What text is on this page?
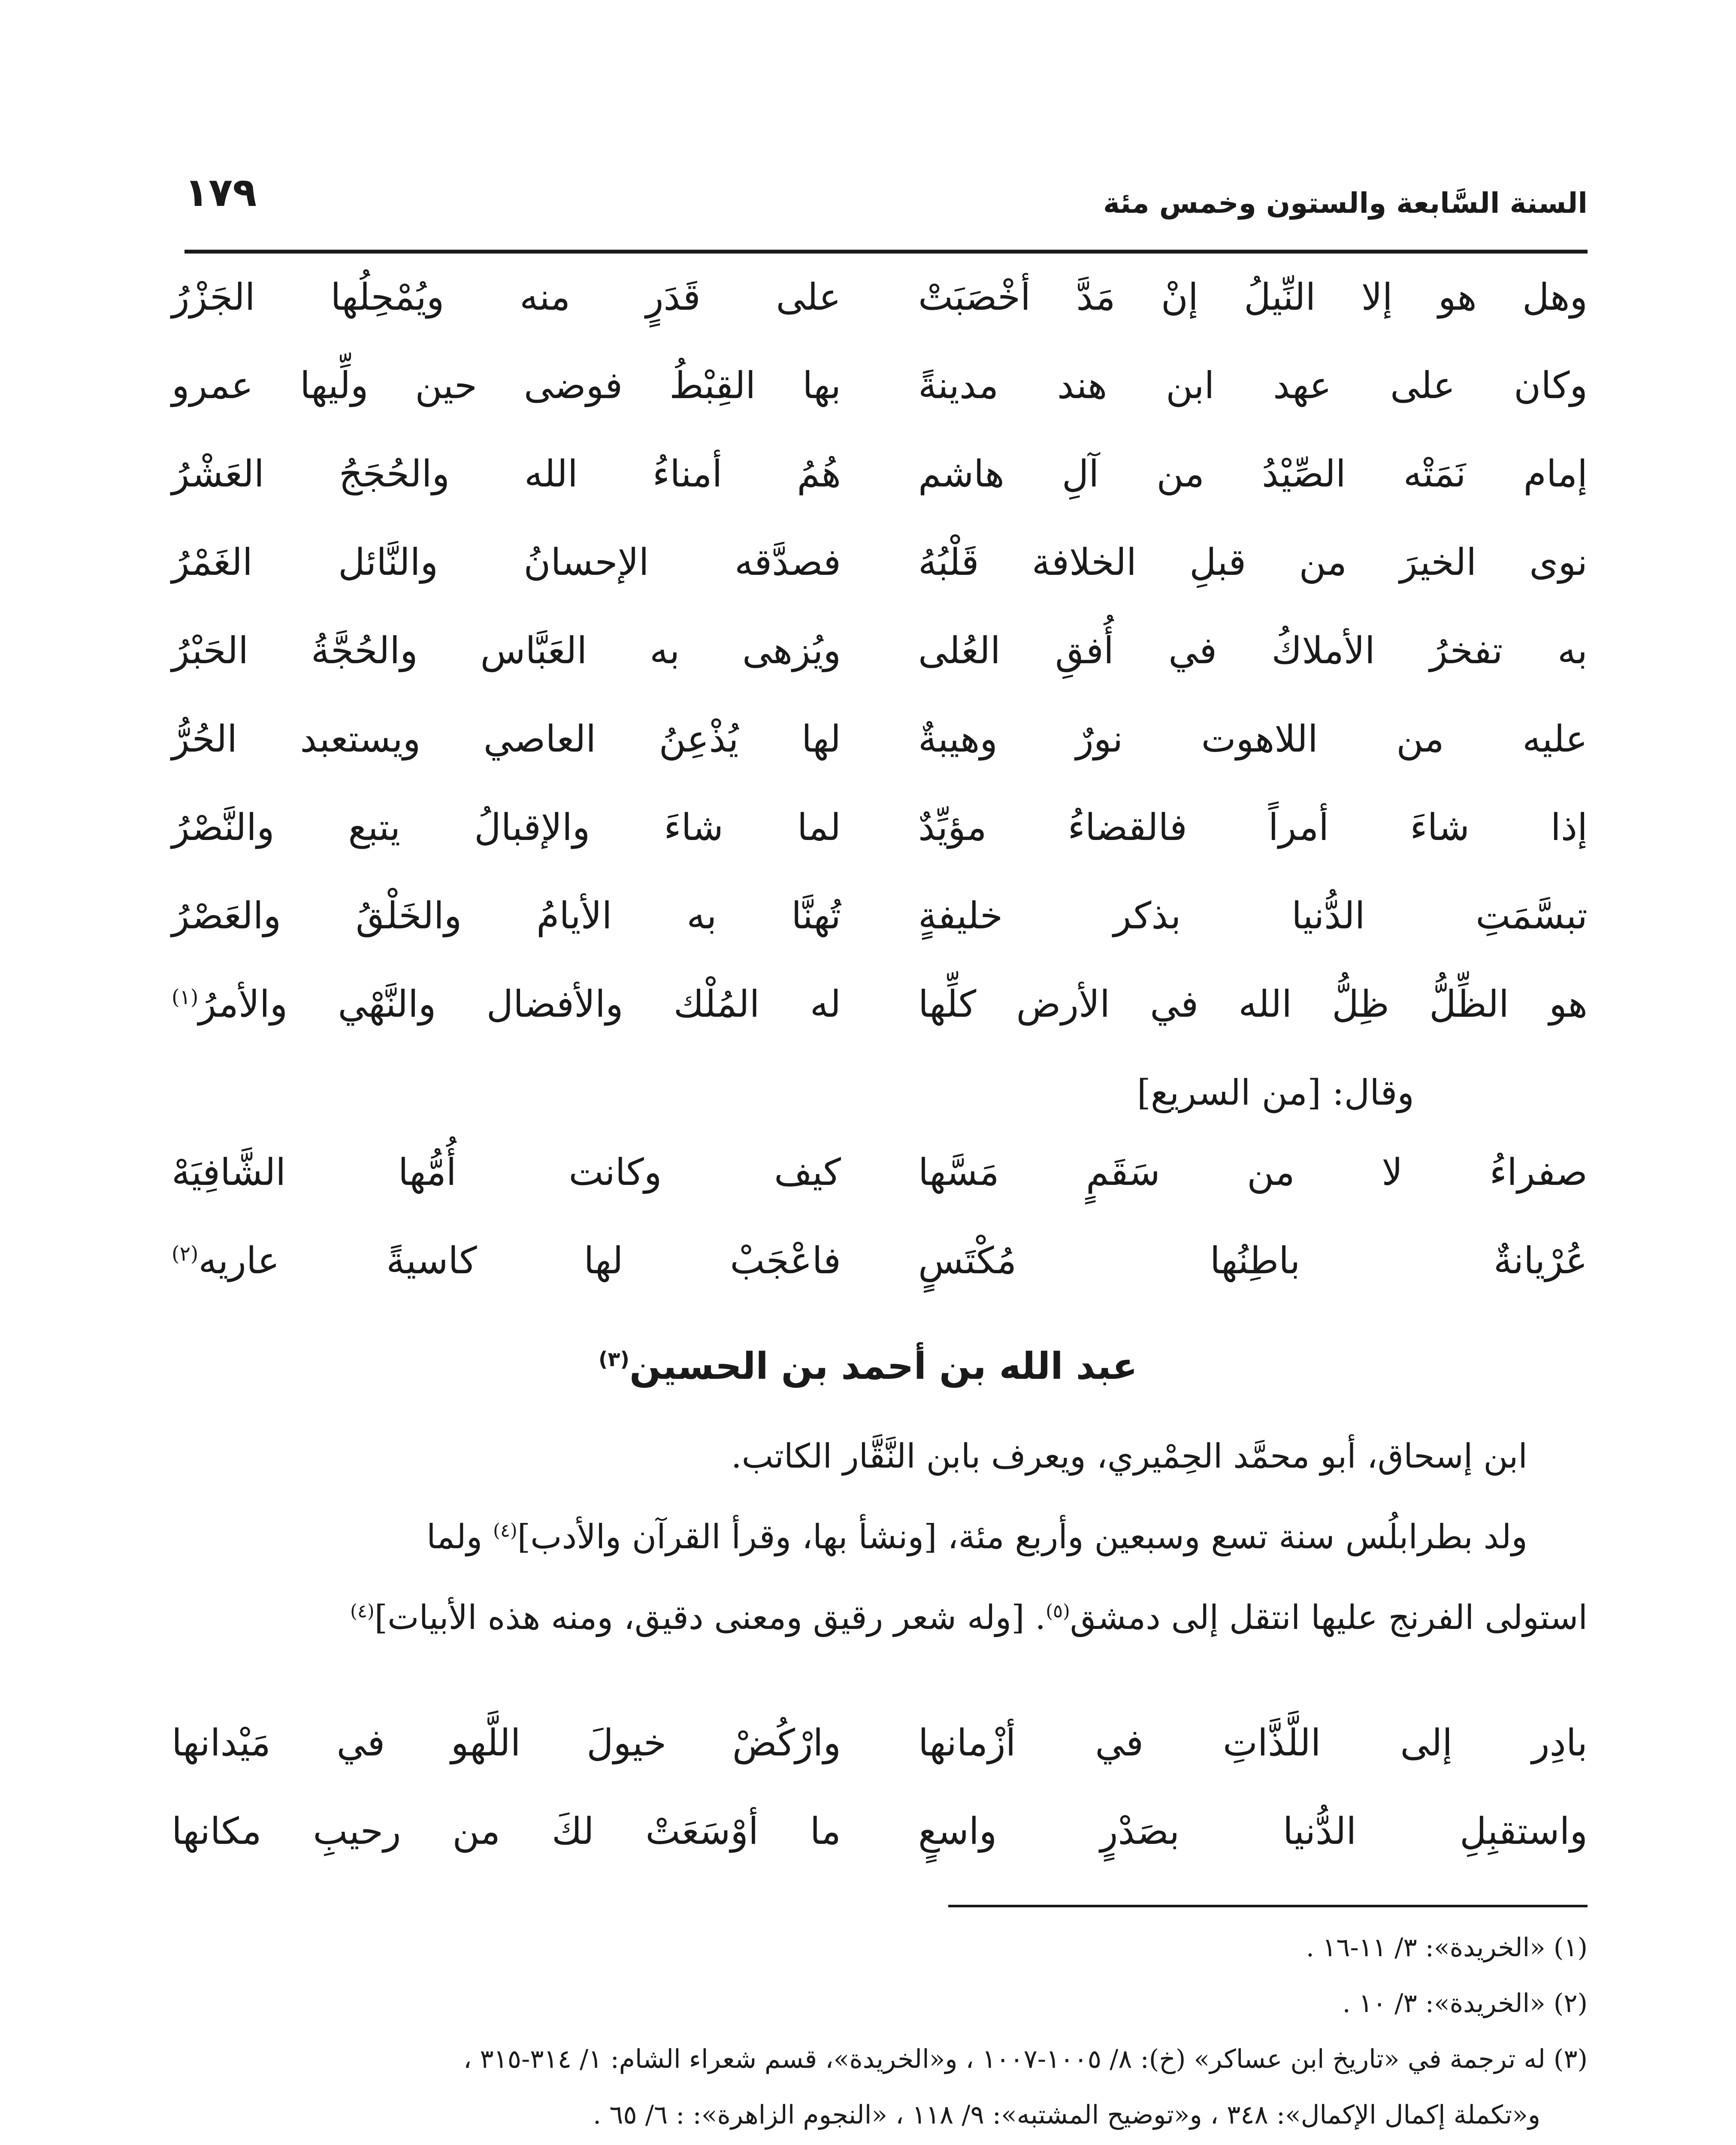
السنة السَّابعة والستون وخمس مئة
١٧٩
وهل هو إلا النِّيلُ إنْ مَدَّ أخْصَبَتْ
على قَدَرٍ منه ويُمْحِلُها الجَزْرُ
وكان على عهد ابن هند مدينةً
بها القِبْطُ فوضى حين ولِّيها عمرو
إمام نَمَتْه الصِّيْدُ من آلِ هاشم
هُمُ أمناءُ الله والحُجَجُ العَشْرُ
نوى الخيرَ من قبلِ الخلافة قَلْبُهُ
فصدَّقه الإحسانُ والنَّائل الغَمْرُ
به تفخرُ الأملاكُ في أُفقِ العُلى
ويُزهى به العَبَّاس والحُجَّةُ الحَبْرُ
عليه من اللاهوت نورٌ وهيبةٌ
لها يُذْعِنُ العاصي ويستعبد الحُرُّ
إذا شاءَ أمراً فالقضاءُ مؤيِّدٌ
لما شاءَ والإقبالُ يتبع والنَّصْرُ
تبسَّمَتِ الدُّنيا بذكر خليفةٍ
تُهنَّا به الأيامُ والخَلْقُ والعَصْرُ
هو الظِّلُّ ظِلُّ الله في الأرض كلِّها
له المُلْك والأفضال والنَّهْي والأمرُ$^{(١)}$
وقال: [من السريع]
صفراءُ لا من سَقَمٍ مَسَّها
كيف وكانت أُمُّها الشَّافِيَهْ
عُرْيانةٌ باطِنُها مُكْتَسٍ
فاعْجَبْ لها كاسيةً عاريه$^{(٢)}$
عبد الله بن أحمد بن الحسين$^{(٣)}$

ابن إسحاق، أبو محمَّد الحِمْيري، ويعرف بابن النَّقَّار الكاتب.

ولد بطرابلُس سنة تسع وسبعين وأربع مئة، [ونشأ بها، وقرأ القرآن والأدب]$^{(٤)}$ ولما

استولى الفرنج عليها انتقل إلى دمشق$^{(٥)}$. [وله شعر رقيق ومعنى دقيق، ومنه هذه الأبيات]$^{(٤)}$

بادِر إلى اللَّذَّاتِ في أزْمانها
وارْكُضْ خيولَ اللَّهو في مَيْدانها
واستقبِلِ الدُّنيا بصَدْرٍ واسعٍ
ما أوْسَعَتْ لكَ من رحيبِ مكانها

(١) «الخريدة»: ٣/ ١١-١٦ .

(٢) «الخريدة»: ٣/ ١٠ .

(٣) له ترجمة في «تاريخ ابن عساكر» (خ): ٨/ ١٠٠٥-١٠٠٧ ، و«الخريدة»، قسم شعراء الشام: ١/ ٣١٤-٣١٥ ،

و«تكملة إكمال الإكمال»: ٣٤٨ ، و«توضيح المشتبه»: ٩/ ١١٨ ، «النجوم الزاهرة»: : ٦/ ٦٥ .
